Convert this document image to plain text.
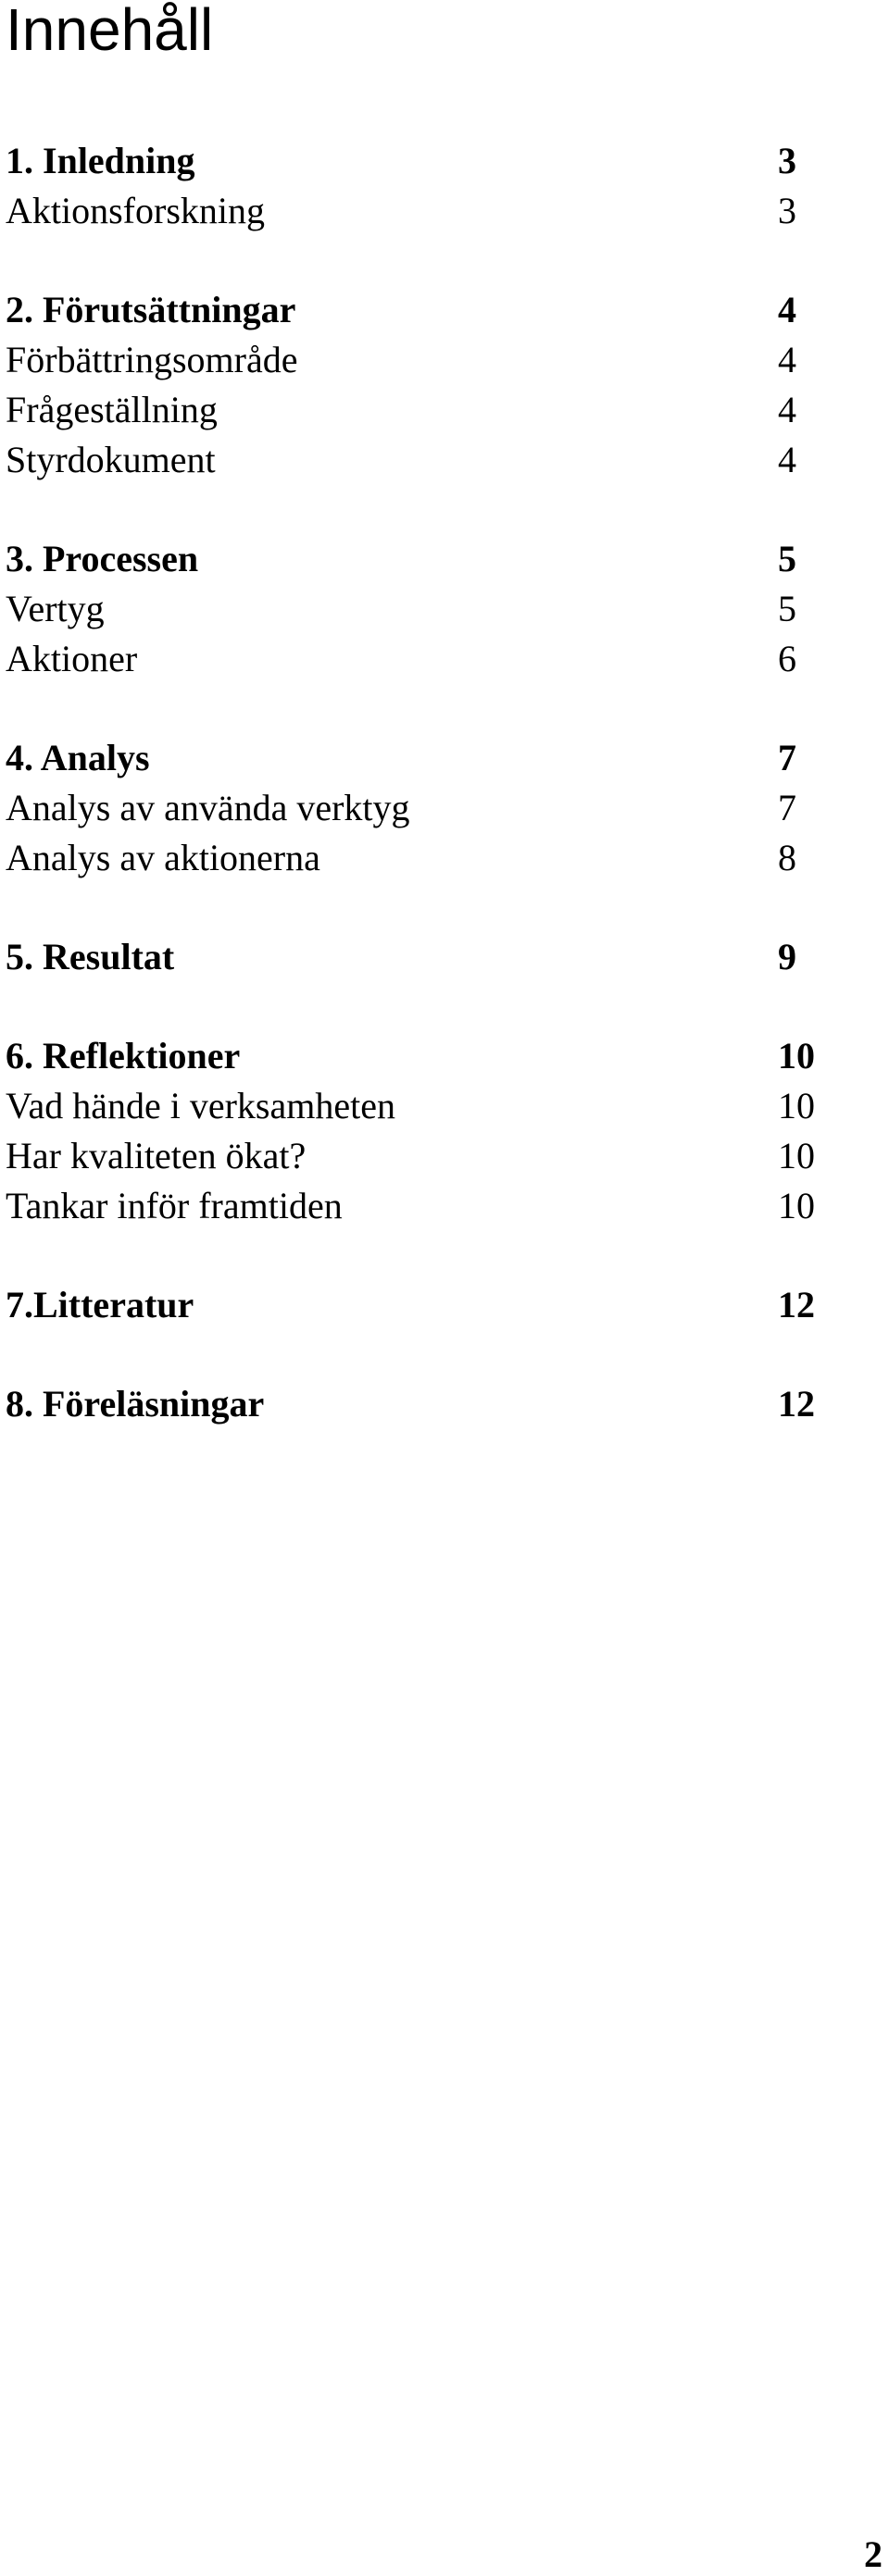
Innehåll
1. Inledning	3
Aktionsforskning	3
2. Förutsättningar	4
Förbättringsområde	4
Frågeställning	4
Styrdokument	4
3. Processen	5
Vertyg	5
Aktioner	6
4. Analys	7
Analys av använda verktyg	7
Analys av aktionerna	8
5. Resultat	9
6. Reflektioner	10
Vad hände i verksamheten	10
Har kvaliteten ökat?	10
Tankar inför framtiden	10
7.Litteratur	12
8. Föreläsningar	12
2
